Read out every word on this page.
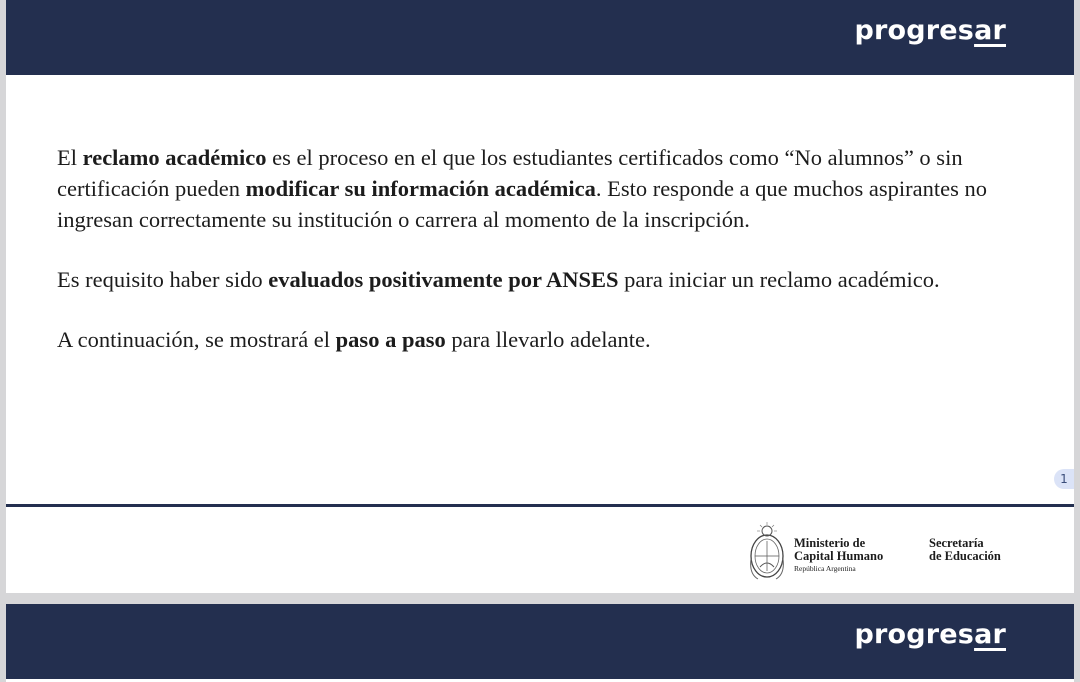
progresar

El reclamo académico es el proceso en el que los estudiantes certificados como “No alumnos” o sin certificación pueden modificar su información académica. Esto responde a que muchos aspirantes no ingresan correctamente su institución o carrera al momento de la inscripción.

Es requisito haber sido evaluados positivamente por ANSES para iniciar un reclamo académico.

A continuación, se mostrará el paso a paso para llevarlo adelante.

1
Ministerio de
Capital Humano
República Argentina
Secretaría
de Educación
progresar
